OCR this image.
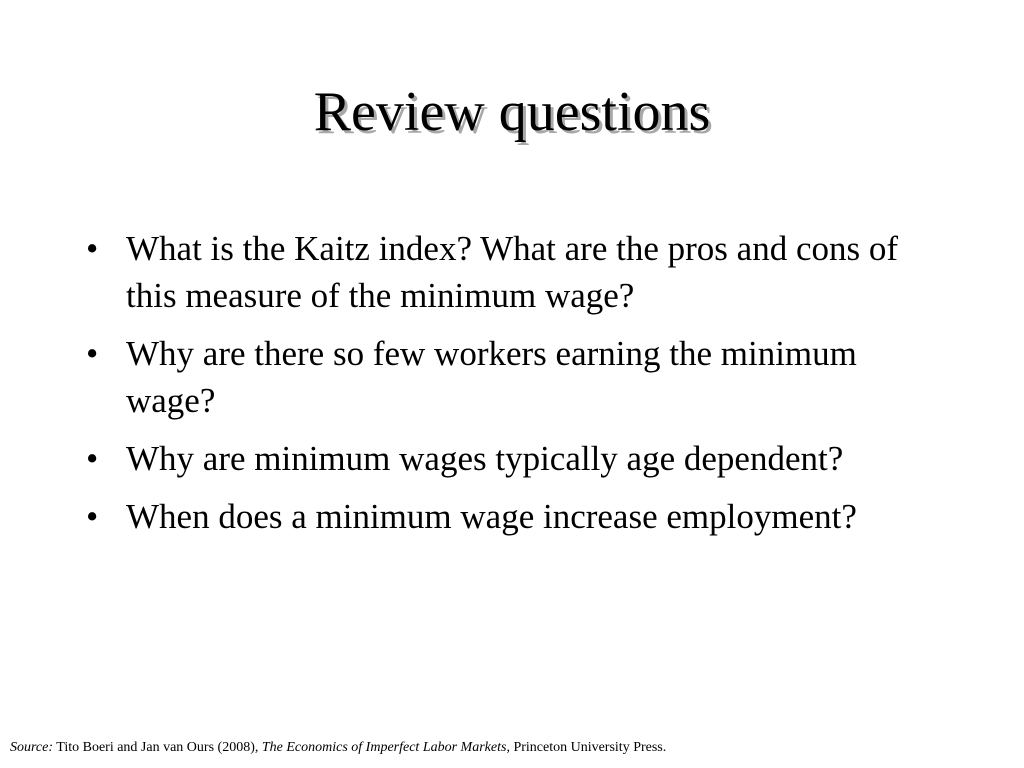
Review questions
• What is the Kaitz index? What are the pros and cons of this measure of the minimum wage?
• Why are there so few workers earning the minimum wage?
• Why are minimum wages typically age dependent?
• When does a minimum wage increase employment?
Source: Tito Boeri and Jan van Ours (2008), The Economics of Imperfect Labor Markets, Princeton University Press.
